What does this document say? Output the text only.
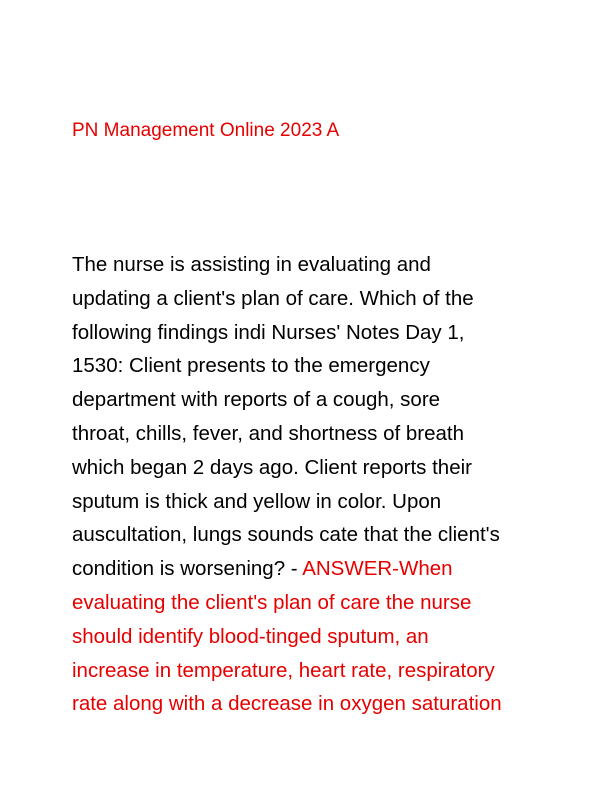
PN Management Online 2023 A
The nurse is assisting in evaluating and
updating a client's plan of care. Which of the
following findings indi Nurses' Notes Day 1,
1530: Client presents to the emergency
department with reports of a cough, sore
throat, chills, fever, and shortness of breath
which began 2 days ago. Client reports their
sputum is thick and yellow in color. Upon
auscultation, lungs sounds cate that the client's
condition is worsening? - ANSWER-When
evaluating the client's plan of care the nurse
should identify blood-tinged sputum, an
increase in temperature, heart rate, respiratory
rate along with a decrease in oxygen saturation
